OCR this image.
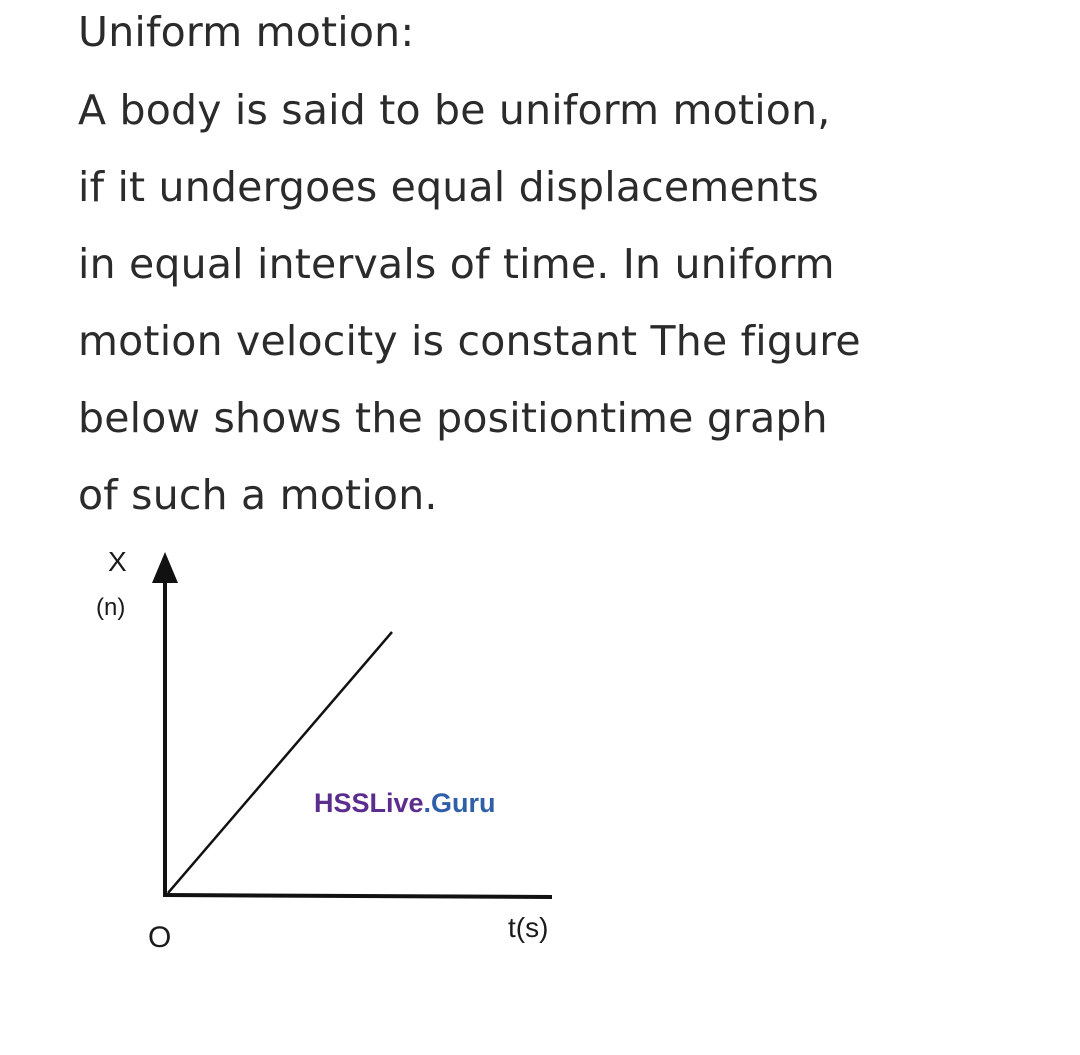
Uniform motion:

A body is said to be uniform motion,
if it undergoes equal displacements
in equal intervals of time. In uniform
motion velocity is constant The figure
below shows the positiontime graph
of such a motion.

X
(n)
O	t(s)
HSSLive.Guru
